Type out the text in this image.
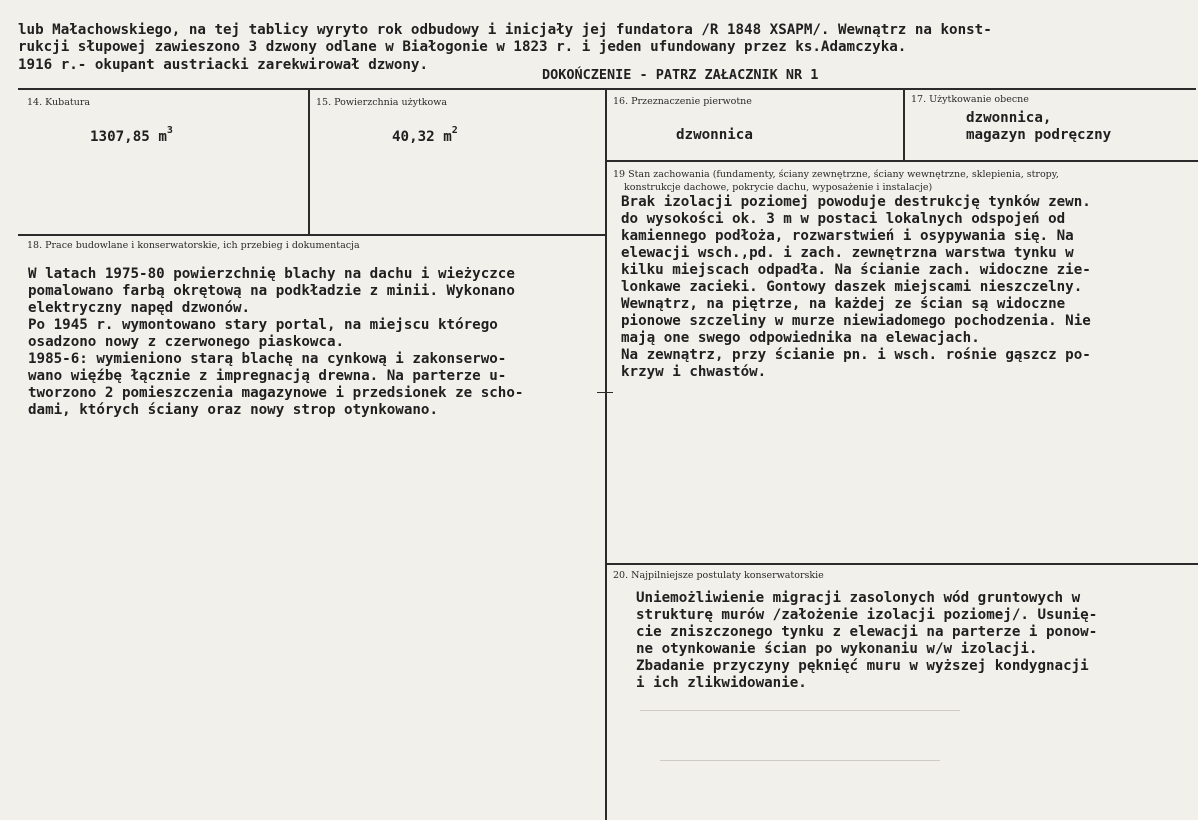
lub Małachowskiego, na tej tablicy wyryto rok odbudowy i inicjały jej fundatora /R 1848 XSAPM/. Wewnątrz na konst-
rukcji słupowej zawieszono 3 dzwony odlane w Białogonie w 1823 r. i jeden ufundowany przez ks.Adamczyka.
1916 r.- okupant austriacki zarekwirował dzwony.
DOKOŃCZENIE - PATRZ ZAŁACZNIK NR 1
14. Kubatura
1307,85 $m^3$
15. Powierzchnia użytkowa
40,32 $m^2$
16. Przeznaczenie pierwotne
dzwonnica
17. Użytkowanie obecne
dzwonnica,
magazyn podręczny
18. Prace budowlane i konserwatorskie, ich przebieg i dokumentacja
W latach 1975-80 powierzchnię blachy na dachu i wieżyczce
pomalowano farbą okrętową na podkładzie z minii. Wykonano
elektryczny napęd dzwonów.
Po 1945 r. wymontowano stary portal, na miejscu którego
osadzono nowy z czerwonego piaskowca.
1985-6: wymieniono starą blachę na cynkową i zakonserwo-
wano więźbę łącznie z impregnacją drewna. Na parterze u-
tworzono 2 pomieszczenia magazynowe i przedsionek ze scho-
dami, których ściany oraz nowy strop otynkowano.
19 Stan zachowania (fundamenty, ściany zewnętrzne, ściany wewnętrzne, sklepienia, stropy,
konstrukcje dachowe, pokrycie dachu, wyposażenie i instalacje)
Brak izolacji poziomej powoduje destrukcję tynków zewn.
do wysokości ok. 3 m w postaci lokalnych odspojeń od
kamiennego podłoża, rozwarstwień i osypywania się. Na
elewacji wsch.,pd. i zach. zewnętrzna warstwa tynku w
kilku miejscach odpadła. Na ścianie zach. widoczne zie-
lonkawe zacieki. Gontowy daszek miejscami nieszczelny.
Wewnątrz, na piętrze, na każdej ze ścian są widoczne
pionowe szczeliny w murze niewiadomego pochodzenia. Nie
mają one swego odpowiednika na elewacjach.
Na zewnątrz, przy ścianie pn. i wsch. rośnie gąszcz po-
krzyw i chwastów.
20. Najpilniejsze postulaty konserwatorskie
Uniemożliwienie migracji zasolonych wód gruntowych w
strukturę murów /założenie izolacji poziomej/. Usunię-
cie zniszczonego tynku z elewacji na parterze i ponow-
ne otynkowanie ścian po wykonaniu w/w izolacji.
Zbadanie przyczyny pęknięć muru w wyższej kondygnacji
i ich zlikwidowanie.
